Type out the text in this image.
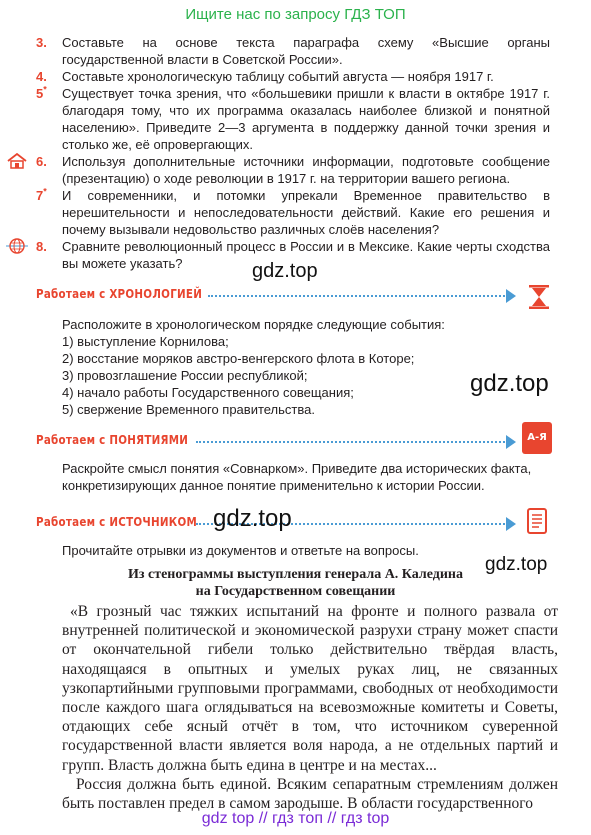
Ищите нас по запросу ГДЗ ТОП
3. Составьте на основе текста параграфа схему «Высшие органы государственной власти в Советской России».
4. Составьте хронологическую таблицу событий августа — ноября 1917 г.
5* Существует точка зрения, что «большевики пришли к власти в октябре 1917 г. благодаря тому, что их программа оказалась наиболее близкой и понятной населению». Приведите 2—3 аргумента в поддержку данной точки зрения и столько же, её опровергающих.
6. Используя дополнительные источники информации, подготовьте сообщение (презентацию) о ходе революции в 1917 г. на территории вашего региона.
7* И современники, и потомки упрекали Временное правительство в нерешительности и непоследовательности действий. Какие его решения и почему вызывали недовольство различных слоёв населения?
8. Сравните революционный процесс в России и в Мексике. Какие черты сходства вы можете указать?	gdz.top
Работаем с ХРОНОЛОГИЕЙ
Расположите в хронологическом порядке следующие события:
1) выступление Корнилова;
2) восстание моряков австро-венгерского флота в Которе;
3) провозглашение России республикой;
4) начало работы Государственного совещания;
5) свержение Временного правительства.
gdz.top
Работаем с ПОНЯТИЯМИ	А-Я
Раскройте смысл понятия «Совнарком». Приведите два исторических факта, конкретизирующих данное понятие применительно к истории России.
Работаем с ИСТОЧНИКОМ gdz.top
Прочитайте отрывки из документов и ответьте на вопросы.
Из стенограммы выступления генерала А. Каледина
на Государственном совещании
gdz.top

«В грозный час тяжких испытаний на фронте и полного развала от внутренней политической и экономической разрухи страну может спасти от окончательной гибели только действительно твёрдая власть, находящаяся в опытных и умелых руках лиц, не связанных узкопартийными групповыми программами, свободных от необходимости после каждого шага оглядываться на всевозможные комитеты и Советы, отдающих себе ясный отчёт в том, что источником суверенной государственной власти является воля народа, а не отдельных партий и групп. Власть должна быть едина в центре и на местах...

Россия должна быть единой. Всяким сепаратным стремлениям должен быть поставлен предел в самом зародыше. В области государственного

gdz top // гдз топ // гдз top
